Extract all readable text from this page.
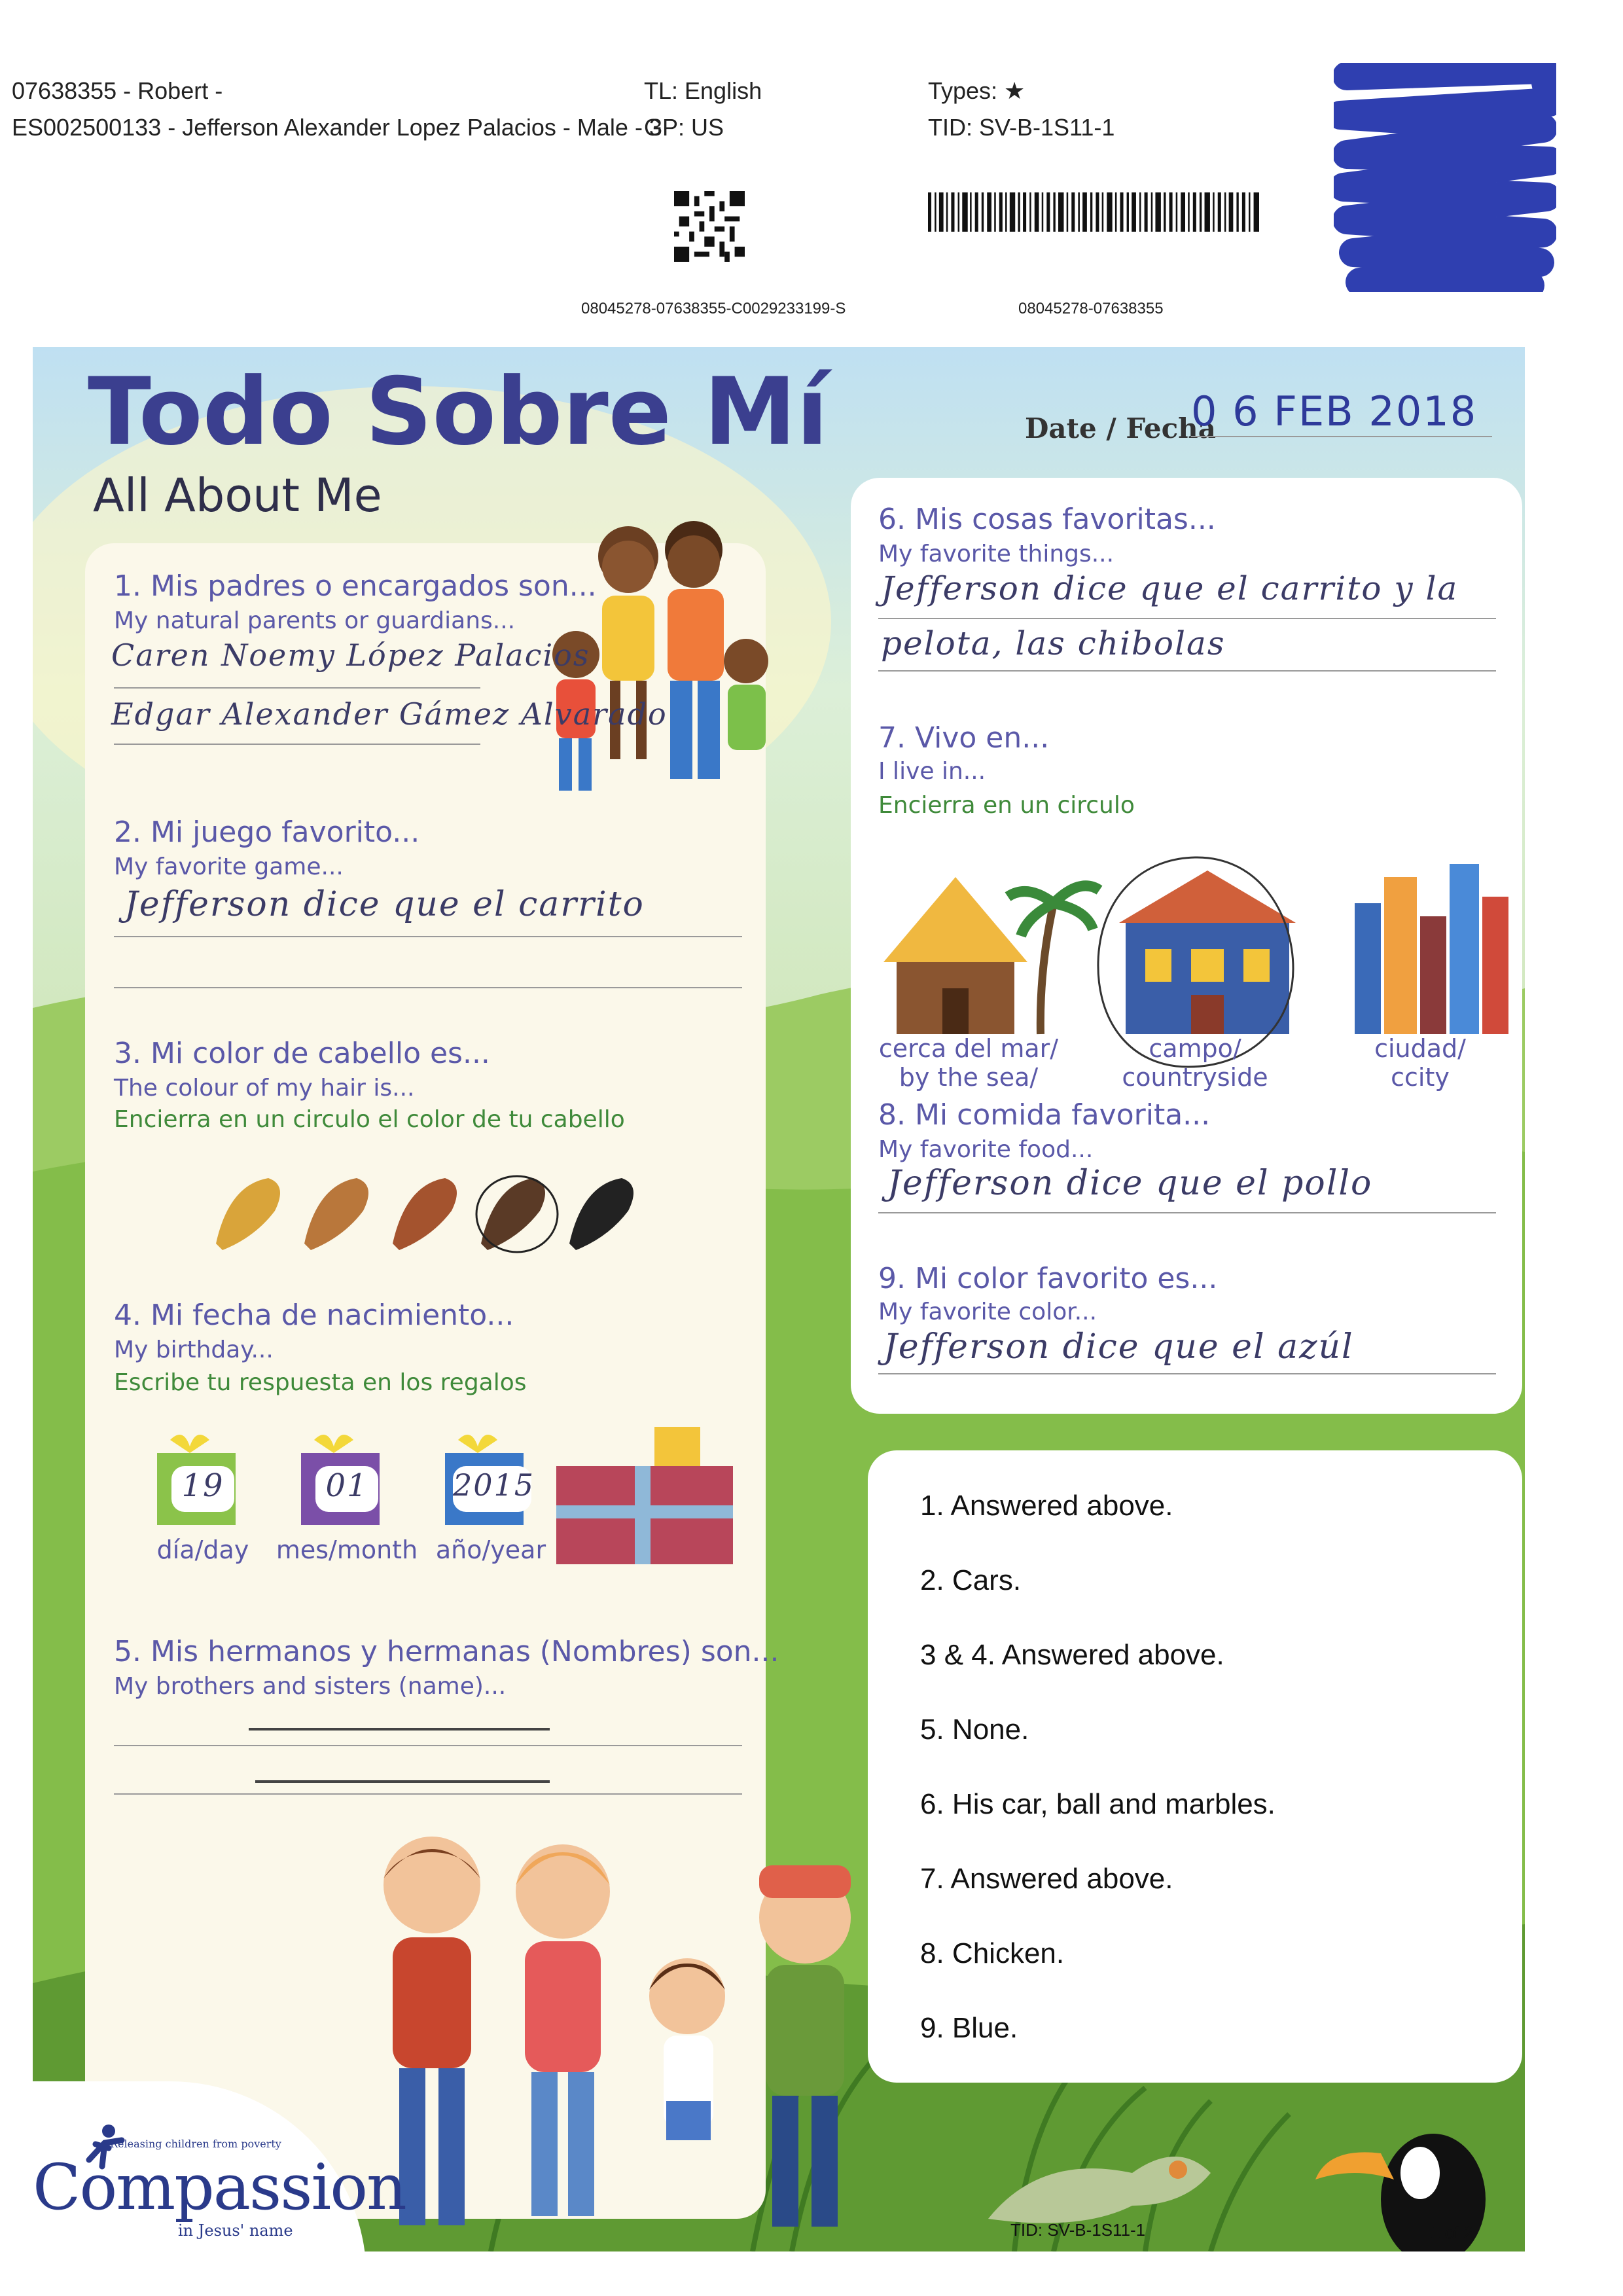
07638355 - Robert -
ES002500133 - Jefferson Alexander Lopez Palacios - Male - 3
TL: English
GP: US
Types: ★
TID: SV-B-1S11-1
08045278-07638355-C0029233199-S	08045278-07638355
Todo Sobre Mí
All About Me
Date / Fecha
0 6 FEB 2018
1. Mis padres o encargados son...
My natural parents or guardians...
Caren Noemy López Palacios
Edgar Alexander Gámez Alvarado
2. Mi juego favorito...
My favorite game...
Jefferson dice que el carrito
3. Mi color de cabello es...
The colour of my hair is...
Encierra en un circulo el color de tu cabello
4. Mi fecha de nacimiento...
My birthday...
Escribe tu respuesta en los regalos
19	01	2015
día/day	mes/month año/year
5. Mis hermanos y hermanas (Nombres) son...
My brothers and sisters (name)...
6. Mis cosas favoritas...
My favorite things...
Jefferson dice que el carrito y la
pelota, las chibolas
7. Vivo en...
I live in...
Encierra en un circulo
cerca del mar/
by the sea/
campo/
countryside
ciudad/
ccity
8. Mi comida favorita...
My favorite food...
Jefferson dice que el pollo
9. Mi color favorito es...
My favorite color...
Jefferson dice que el azúl
1. Answered above.
2. Cars.
3 & 4. Answered above.
5. None.
6. His car, ball and marbles.
7. Answered above.
8. Chicken.
9. Blue.
TID: SV-B-1S11-1	1 of 2
Releasing children from poverty
Compassion
in Jesus' name
